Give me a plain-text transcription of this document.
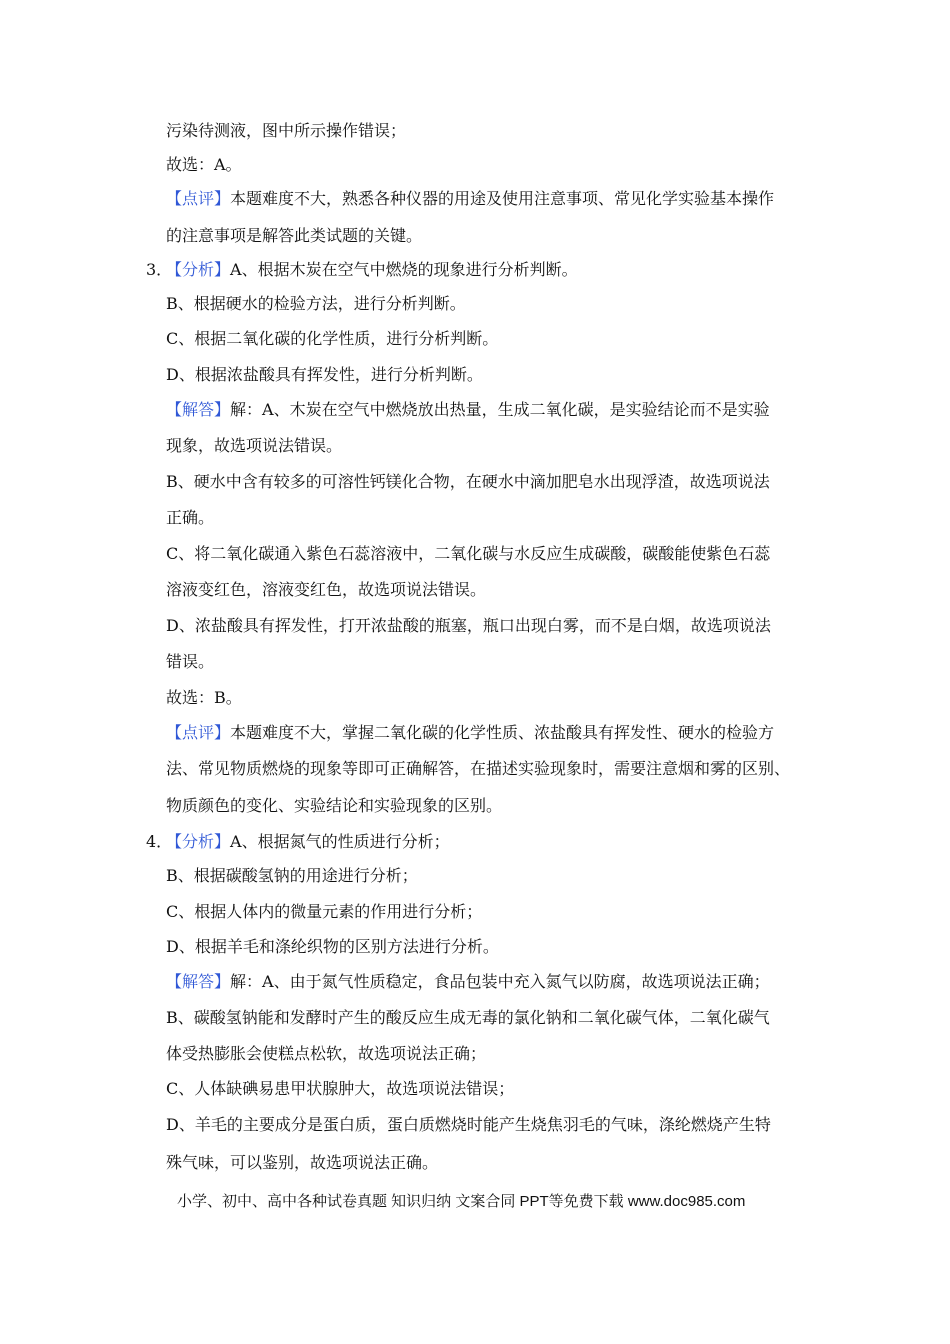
污染待测液，图中所示操作错误；
故选：A。
【点评】本题难度不大，熟悉各种仪器的用途及使用注意事项、常见化学实验基本操作
的注意事项是解答此类试题的关键。
3．
【分析】A、根据木炭在空气中燃烧的现象进行分析判断。
B、根据硬水的检验方法，进行分析判断。
C、根据二氧化碳的化学性质，进行分析判断。
D、根据浓盐酸具有挥发性，进行分析判断。
【解答】解：A、木炭在空气中燃烧放出热量，生成二氧化碳，是实验结论而不是实验
现象，故选项说法错误。
B、硬水中含有较多的可溶性钙镁化合物，在硬水中滴加肥皂水出现浮渣，故选项说法
正确。
C、将二氧化碳通入紫色石蕊溶液中，二氧化碳与水反应生成碳酸，碳酸能使紫色石蕊
溶液变红色，溶液变红色，故选项说法错误。
D、浓盐酸具有挥发性，打开浓盐酸的瓶塞，瓶口出现白雾，而不是白烟，故选项说法
错误。
故选：B。
【点评】本题难度不大，掌握二氧化碳的化学性质、浓盐酸具有挥发性、硬水的检验方
法、常见物质燃烧的现象等即可正确解答，在描述实验现象时，需要注意烟和雾的区别、
物质颜色的变化、实验结论和实验现象的区别。
4．
【分析】A、根据氮气的性质进行分析；
B、根据碳酸氢钠的用途进行分析；
C、根据人体内的微量元素的作用进行分析；
D、根据羊毛和涤纶织物的区别方法进行分析。
【解答】解：A、由于氮气性质稳定，食品包装中充入氮气以防腐，故选项说法正确；
B、碳酸氢钠能和发酵时产生的酸反应生成无毒的氯化钠和二氧化碳气体，二氧化碳气
体受热膨胀会使糕点松软，故选项说法正确；
C、人体缺碘易患甲状腺肿大，故选项说法错误；
D、羊毛的主要成分是蛋白质，蛋白质燃烧时能产生烧焦羽毛的气味，涤纶燃烧产生特
殊气味，可以鉴别，故选项说法正确。
小学、初中、高中各种试卷真题 知识归纳 文案合同 PPT等免费下载 www.doc985.com
